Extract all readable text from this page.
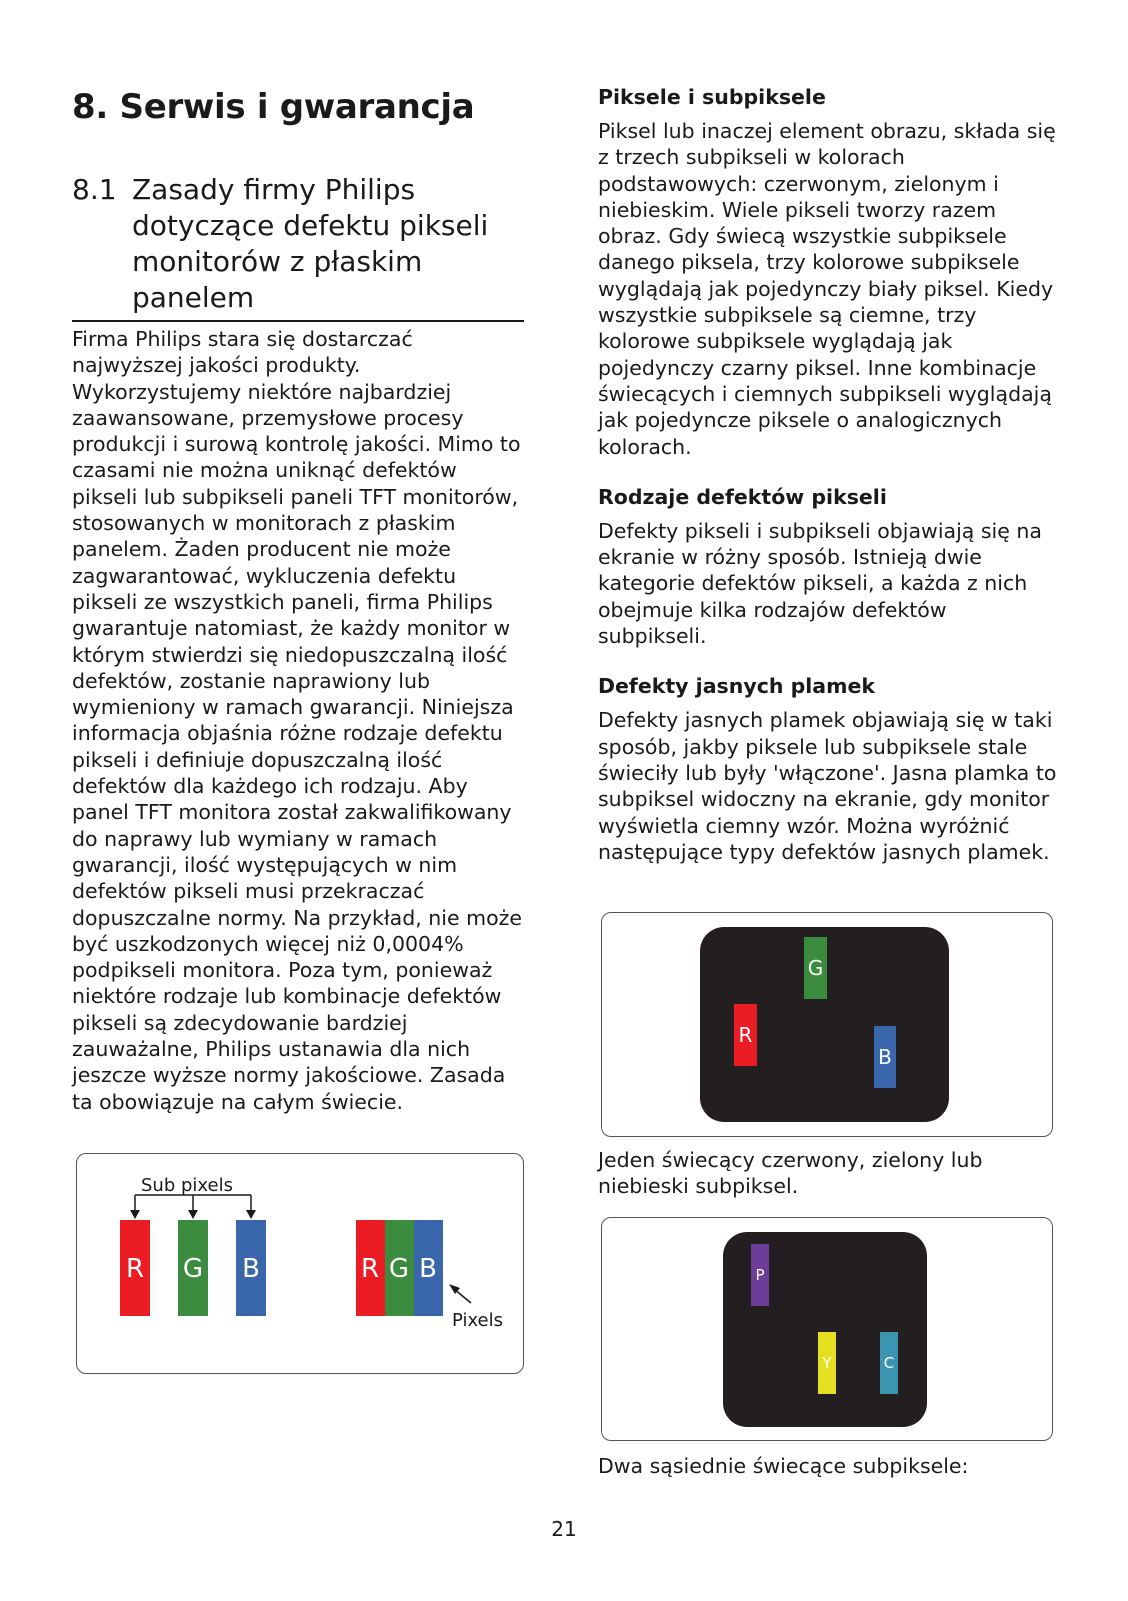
8. Serwis i gwarancja
8.1 Zasady firmy Philips dotyczące defektu pikseli monitorów z płaskim panelem

Firma Philips stara się dostarczać najwyższej jakości produkty. Wykorzystujemy niektóre najbardziej zaawansowane, przemysłowe procesy produkcji i surową kontrolę jakości. Mimo to czasami nie można uniknąć defektów pikseli lub subpikseli paneli TFT monitorów, stosowanych w monitorach z płaskim panelem. Żaden producent nie może zagwarantować, wykluczenia defektu pikseli ze wszystkich paneli, firma Philips gwarantuje natomiast, że każdy monitor w którym stwierdzi się niedopuszczalną ilość defektów, zostanie naprawiony lub wymieniony w ramach gwarancji. Niniejsza informacja objaśnia różne rodzaje defektu pikseli i definiuje dopuszczalną ilość defektów dla każdego ich rodzaju. Aby panel TFT monitora został zakwalifikowany do naprawy lub wymiany w ramach gwarancji, ilość występujących w nim defektów pikseli musi przekraczać dopuszczalne normy. Na przykład, nie może być uszkodzonych więcej niż 0,0004% podpikseli monitora. Poza tym, ponieważ niektóre rodzaje lub kombinacje defektów pikseli są zdecydowanie bardziej zauważalne, Philips ustanawia dla nich jeszcze wyższe normy jakościowe. Zasada ta obowiązuje na całym świecie.

Sub pixels
R G B	R G B
Pixels
Piksele i subpiksele

Piksel lub inaczej element obrazu, składa się z trzech subpikseli w kolorach podstawowych: czerwonym, zielonym i niebieskim. Wiele pikseli tworzy razem obraz. Gdy świecą wszystkie subpiksele danego piksela, trzy kolorowe subpiksele wyglądają jak pojedynczy biały piksel. Kiedy wszystkie subpiksele są ciemne, trzy kolorowe subpiksele wyglądają jak pojedynczy czarny piksel. Inne kombinacje świecących i ciemnych subpikseli wyglądają jak pojedyncze piksele o analogicznych kolorach.

Rodzaje defektów pikseli

Defekty pikseli i subpikseli objawiają się na ekranie w różny sposób. Istnieją dwie kategorie defektów pikseli, a każda z nich obejmuje kilka rodzajów defektów subpikseli.

Defekty jasnych plamek

Defekty jasnych plamek objawiają się w taki sposób, jakby piksele lub subpiksele stale świeciły lub były 'włączone'. Jasna plamka to subpiksel widoczny na ekranie, gdy monitor wyświetla ciemny wzór. Można wyróżnić następujące typy defektów jasnych plamek.

G
R
B

Jeden świecący czerwony, zielony lub niebieski subpiksel.

P
Y	C

Dwa sąsiednie świecące subpiksele:

21
